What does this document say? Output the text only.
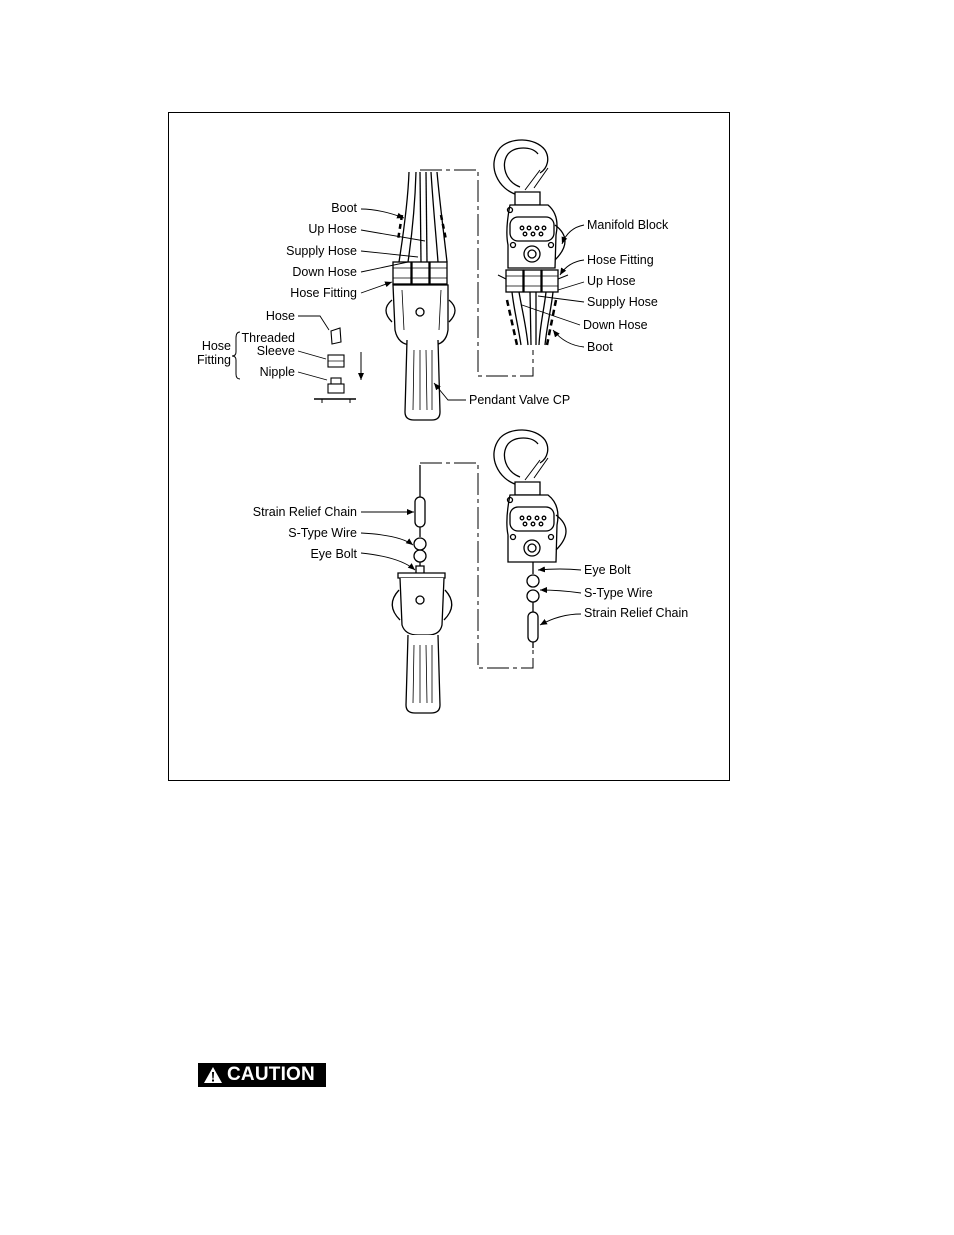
Boot
Up Hose
Supply Hose
Down Hose
Hose Fitting
Hose
Threaded
Sleeve
Hose
Fitting
Nipple
Pendant Valve CP
Manifold Block
Hose Fitting
Up Hose
Supply Hose
Down Hose
Boot
Strain Relief Chain
S-Type Wire
Eye Bolt
Eye Bolt
S-Type Wire
Strain Relief Chain
CAUTION
